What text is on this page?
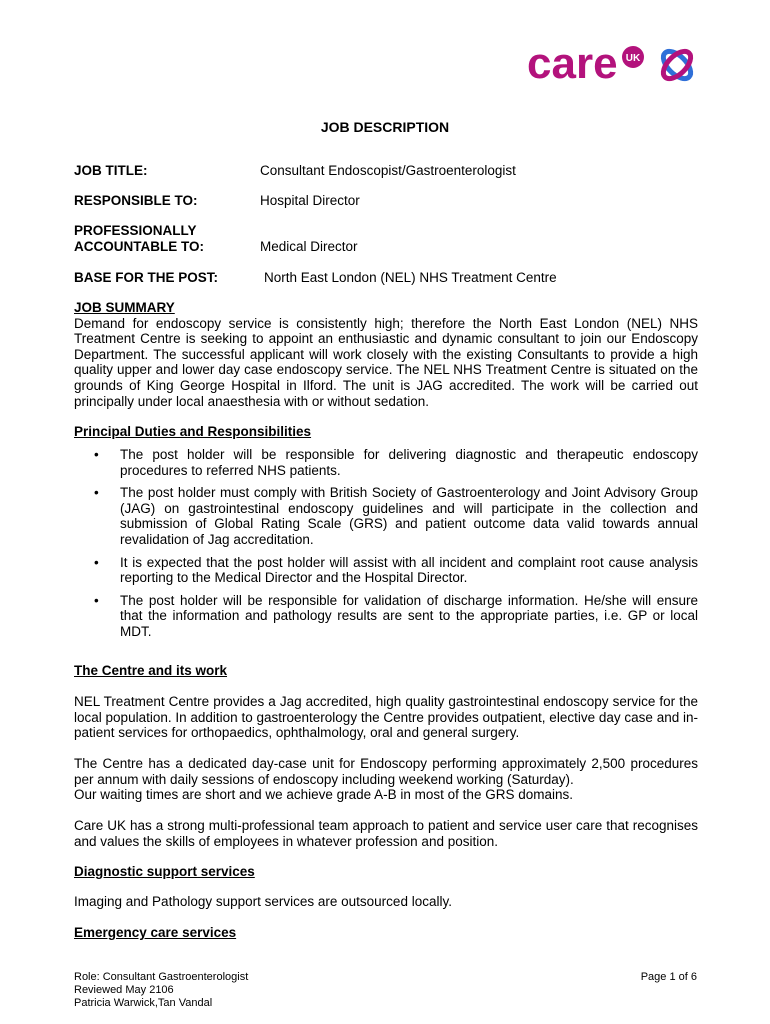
care UK
JOB DESCRIPTION
JOB TITLE:	Consultant Endoscopist/Gastroenterologist
RESPONSIBLE TO:	Hospital Director
PROFESSIONALLY
ACCOUNTABLE TO:	Medical Director
BASE FOR THE POST:	North East London (NEL) NHS Treatment Centre
JOB SUMMARY
Demand for endoscopy service is consistently high; therefore the North East London (NEL) NHS Treatment Centre is seeking to appoint an enthusiastic and dynamic consultant to join our Endoscopy Department. The successful applicant will work closely with the existing Consultants to provide a high quality upper and lower day case endoscopy service. The NEL NHS Treatment Centre is situated on the grounds of King George Hospital in Ilford. The unit is JAG accredited. The work will be carried out principally under local anaesthesia with or without sedation.
Principal Duties and Responsibilities
• The post holder will be responsible for delivering diagnostic and therapeutic endoscopy procedures to referred NHS patients.
• The post holder must comply with British Society of Gastroenterology and Joint Advisory Group (JAG) on gastrointestinal endoscopy guidelines and will participate in the collection and submission of Global Rating Scale (GRS) and patient outcome data valid towards annual revalidation of Jag accreditation.
• It is expected that the post holder will assist with all incident and complaint root cause analysis reporting to the Medical Director and the Hospital Director.
• The post holder will be responsible for validation of discharge information. He/she will ensure that the information and pathology results are sent to the appropriate parties, i.e. GP or local MDT.
The Centre and its work
NEL Treatment Centre provides a Jag accredited, high quality gastrointestinal endoscopy service for the local population. In addition to gastroenterology the Centre provides outpatient, elective day case and in-patient services for orthopaedics, ophthalmology, oral and general surgery.
The Centre has a dedicated day-case unit for Endoscopy performing approximately 2,500 procedures per annum with daily sessions of endoscopy including weekend working (Saturday).
Our waiting times are short and we achieve grade A-B in most of the GRS domains.
Care UK has a strong multi-professional team approach to patient and service user care that recognises and values the skills of employees in whatever profession and position.
Diagnostic support services
Imaging and Pathology support services are outsourced locally.
Emergency care services
Role: Consultant Gastroenterologist
Reviewed May 2106
Patricia Warwick,Tan Vandal
Page 1 of 6
